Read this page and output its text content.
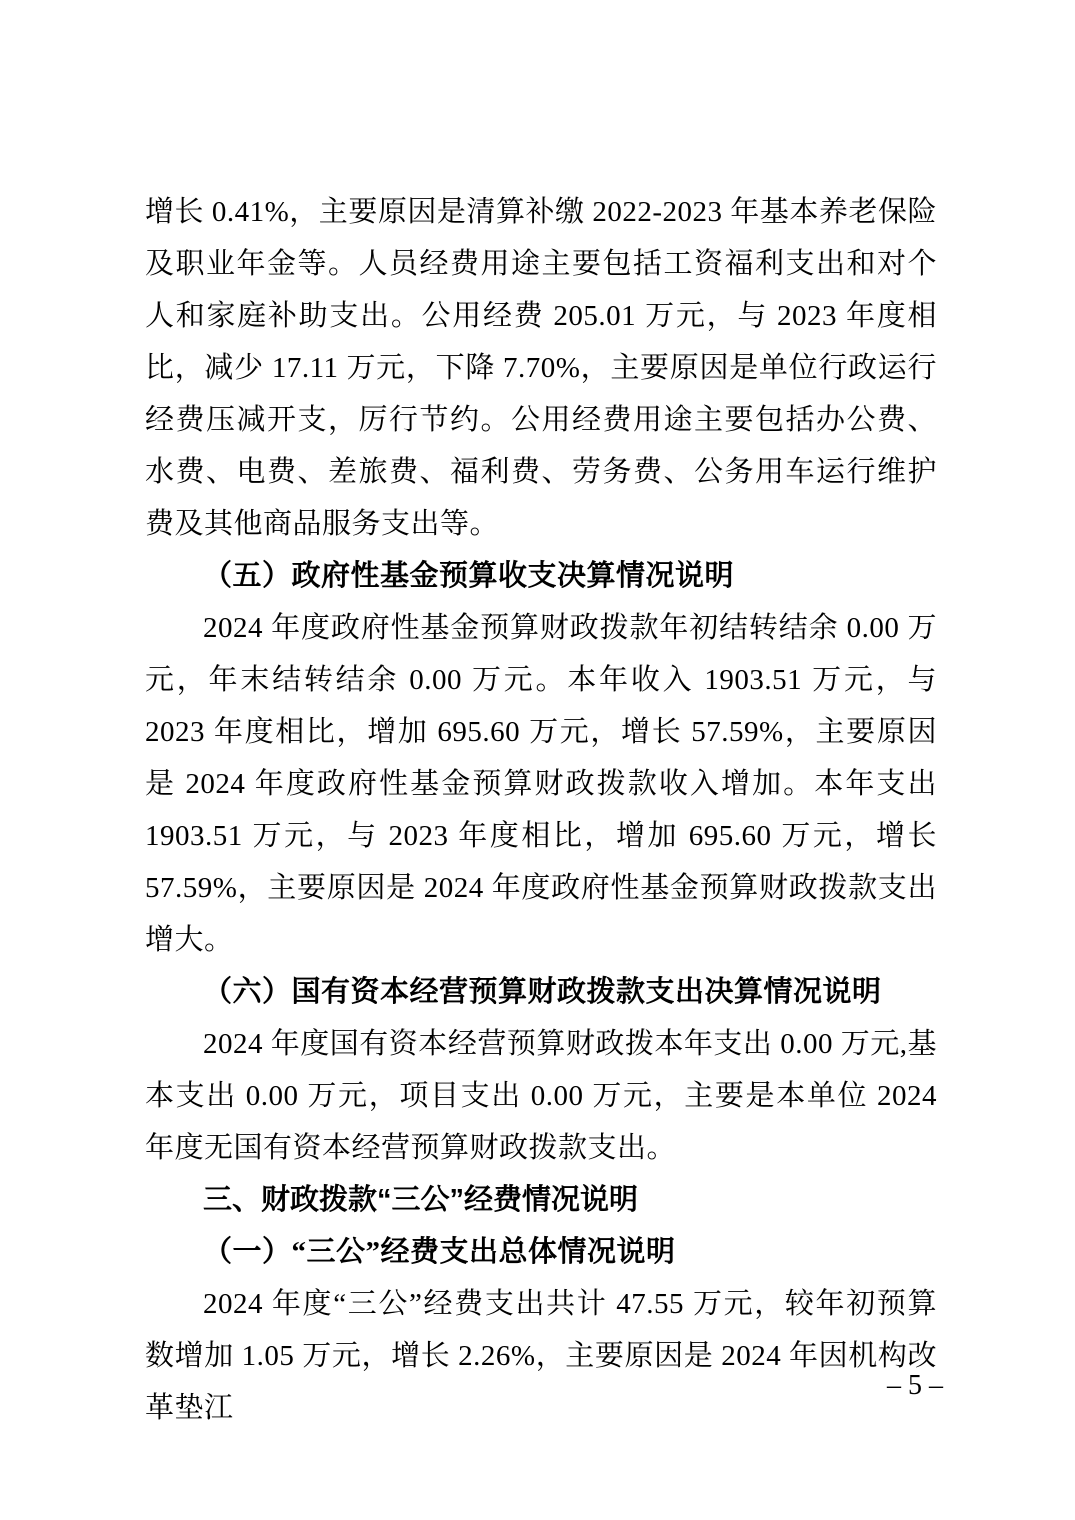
增长 0.41%，主要原因是清算补缴 2022-2023 年基本养老保险及职业年金等。人员经费用途主要包括工资福利支出和对个人和家庭补助支出。公用经费 205.01 万元，与 2023 年度相比，减少 17.11 万元，下降 7.70%，主要原因是单位行政运行经费压减开支，厉行节约。公用经费用途主要包括办公费、水费、电费、差旅费、福利费、劳务费、公务用车运行维护费及其他商品服务支出等。

（五）政府性基金预算收支决算情况说明

2024 年度政府性基金预算财政拨款年初结转结余 0.00 万元，年末结转结余 0.00 万元。本年收入 1903.51 万元，与 2023 年度相比，增加 695.60 万元，增长 57.59%，主要原因是 2024 年度政府性基金预算财政拨款收入增加。本年支出 1903.51 万元，与 2023 年度相比，增加 695.60 万元，增长 57.59%，主要原因是 2024 年度政府性基金预算财政拨款支出增大。

（六）国有资本经营预算财政拨款支出决算情况说明

2024 年度国有资本经营预算财政拨本年支出 0.00 万元,基本支出 0.00 万元，项目支出 0.00 万元，主要是本单位 2024 年度无国有资本经营预算财政拨款支出。

三、财政拨款“三公”经费情况说明

（一）“三公”经费支出总体情况说明

2024 年度“三公”经费支出共计 47.55 万元，较年初预算数增加 1.05 万元，增长 2.26%，主要原因是 2024 年因机构改革垫江

– 5 –
